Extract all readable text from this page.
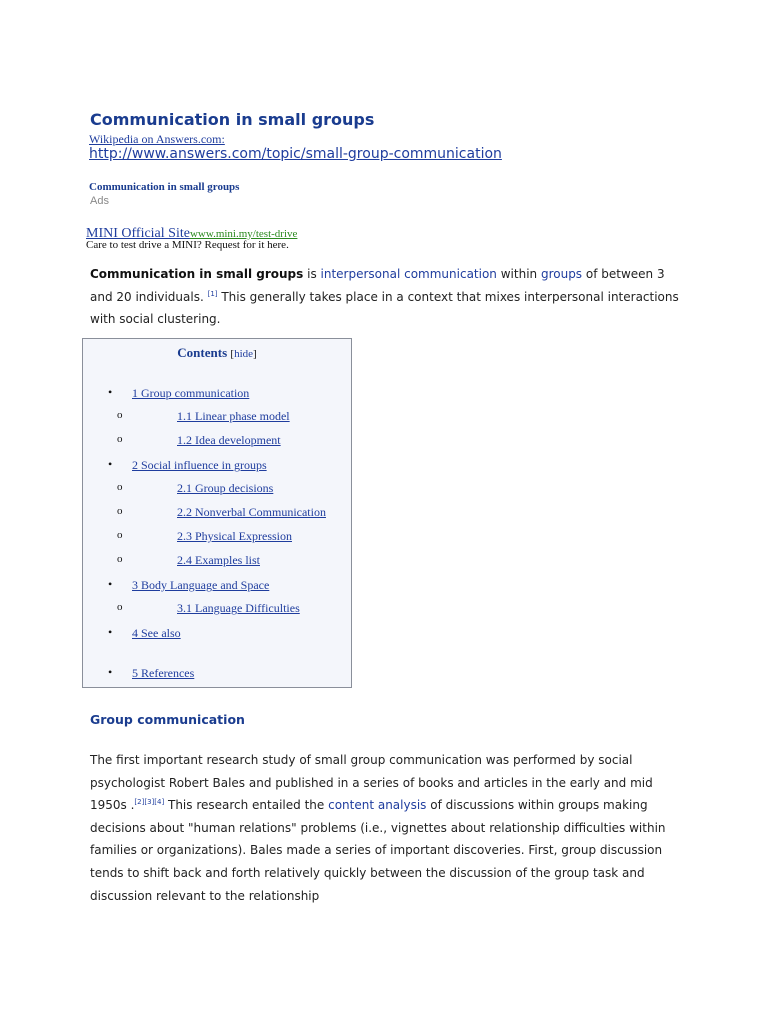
Communication in small groups
Wikipedia on Answers.com:
http://www.answers.com/topic/small-group-communication
Communication in small groups
Ads
MINI Official Sitewww.mini.my/test-drive
Care to test drive a MINI? Request for it here.
Communication in small groups is interpersonal communication within groups of between 3 and 20 individuals. [1] This generally takes place in a context that mixes interpersonal interactions with social clustering.
Contents [hide]
• 1 Group communication
o	1.1 Linear phase model
o	1.2 Idea development
• 2 Social influence in groups
o	2.1 Group decisions
o	2.2 Nonverbal Communication
o	2.3 Physical Expression
o	2.4 Examples list
• 3 Body Language and Space
o	3.1 Language Difficulties
• 4 See also
• 5 References
Group communication
The first important research study of small group communication was performed by social psychologist Robert Bales and published in a series of books and articles in the early and mid 1950s .[2][3][4] This research entailed the content analysis of discussions within groups making decisions about "human relations" problems (i.e., vignettes about relationship difficulties within families or organizations). Bales made a series of important discoveries. First, group discussion tends to shift back and forth relatively quickly between the discussion of the group task and discussion relevant to the relationship
